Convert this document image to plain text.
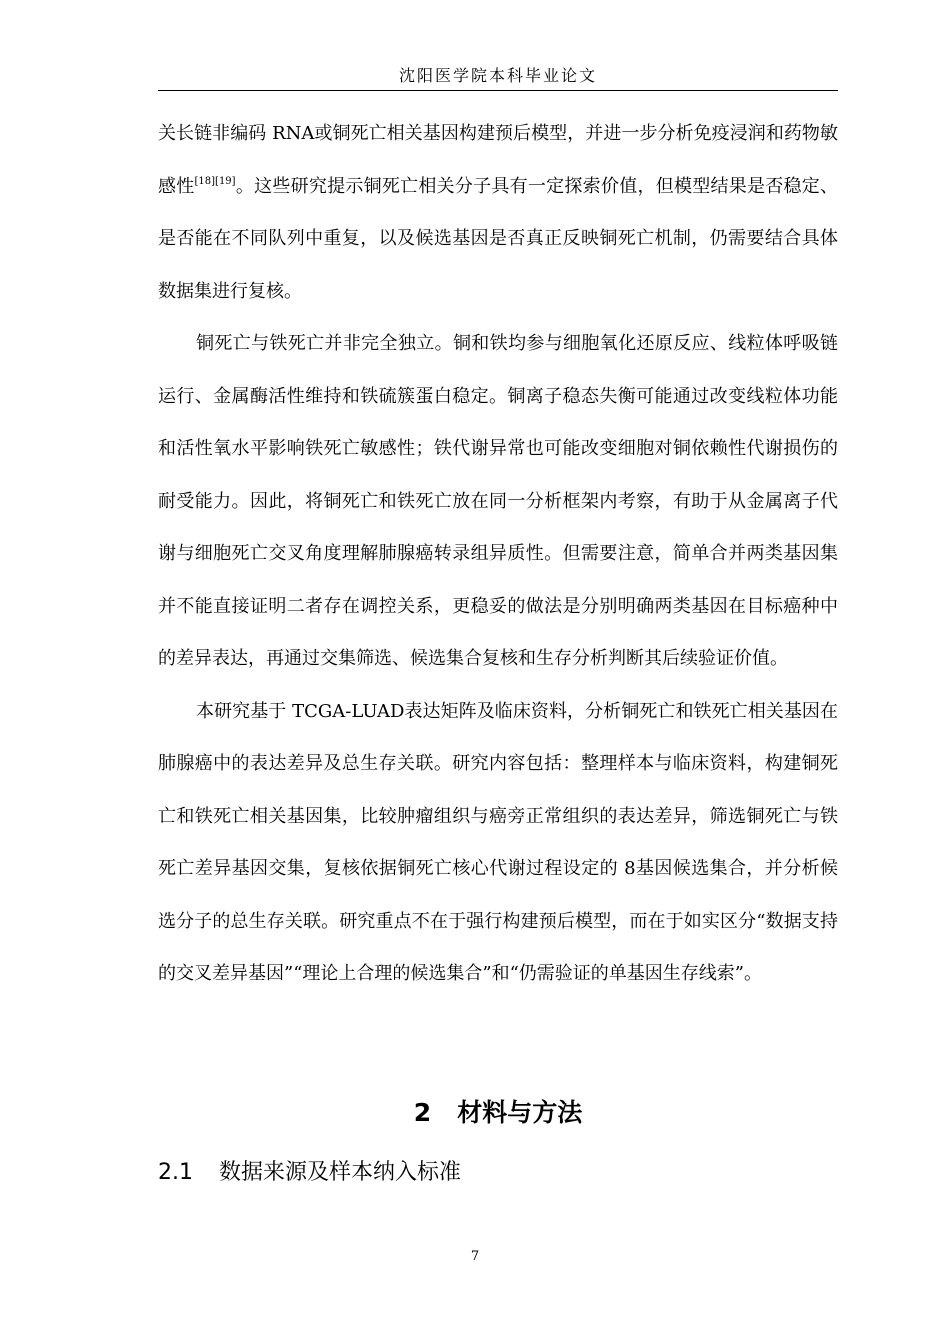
沈阳医学院本科毕业论文

关长链非编码 RNA或铜死亡相关基因构建预后模型，并进一步分析免疫浸润和药物敏感性[18][19]。这些研究提示铜死亡相关分子具有一定探索价值，但模型结果是否稳定、是否能在不同队列中重复，以及候选基因是否真正反映铜死亡机制，仍需要结合具体数据集进行复核。

铜死亡与铁死亡并非完全独立。铜和铁均参与细胞氧化还原反应、线粒体呼吸链运行、金属酶活性维持和铁硫簇蛋白稳定。铜离子稳态失衡可能通过改变线粒体功能和活性氧水平影响铁死亡敏感性；铁代谢异常也可能改变细胞对铜依赖性代谢损伤的耐受能力。因此，将铜死亡和铁死亡放在同一分析框架内考察，有助于从金属离子代谢与细胞死亡交叉角度理解肺腺癌转录组异质性。但需要注意，简单合并两类基因集并不能直接证明二者存在调控关系，更稳妥的做法是分别明确两类基因在目标癌种中的差异表达，再通过交集筛选、候选集合复核和生存分析判断其后续验证价值。

本研究基于 TCGA-LUAD表达矩阵及临床资料，分析铜死亡和铁死亡相关基因在肺腺癌中的表达差异及总生存关联。研究内容包括：整理样本与临床资料，构建铜死亡和铁死亡相关基因集，比较肿瘤组织与癌旁正常组织的表达差异，筛选铜死亡与铁死亡差异基因交集，复核依据铜死亡核心代谢过程设定的 8基因候选集合，并分析候选分子的总生存关联。研究重点不在于强行构建预后模型，而在于如实区分“数据支持的交叉差异基因”“理论上合理的候选集合”和“仍需验证的单基因生存线索”。

2 材料与方法
2.1 数据来源及样本纳入标准
7
